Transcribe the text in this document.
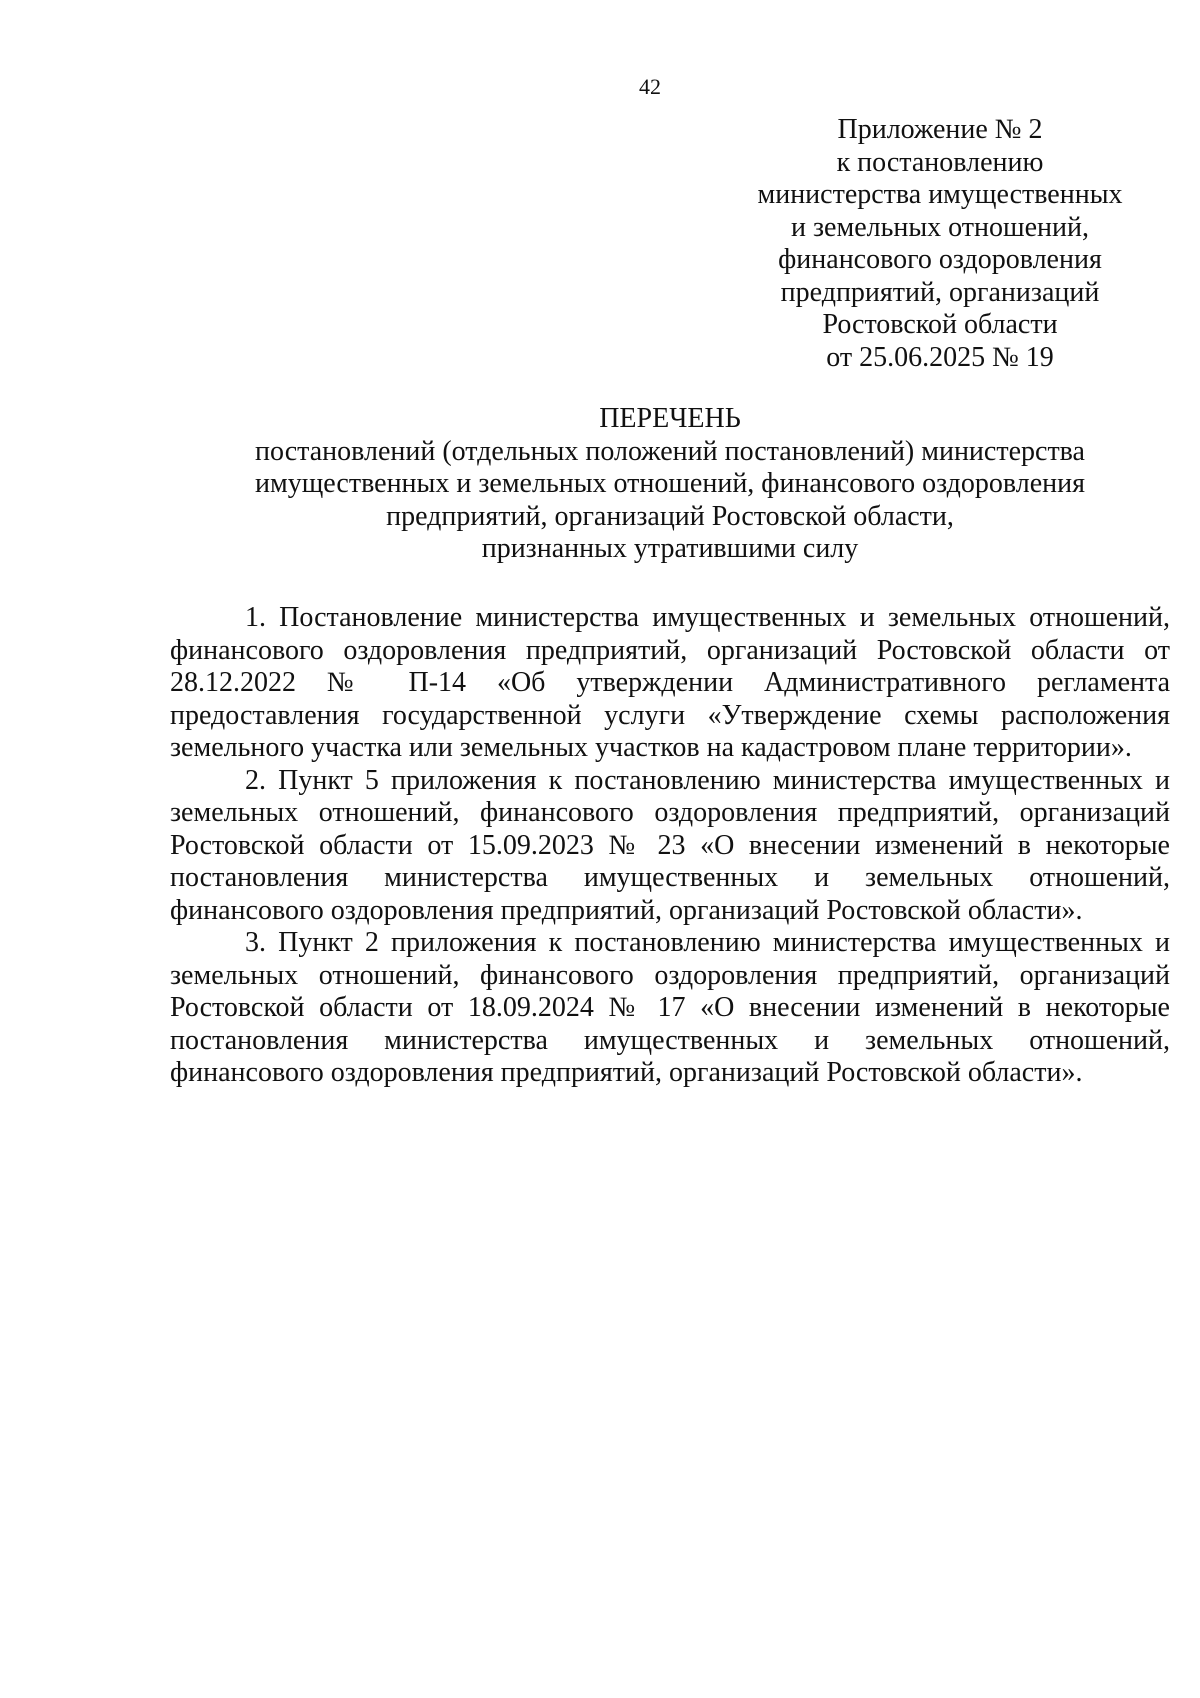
42
Приложение № 2
к постановлению
министерства имущественных
и земельных отношений,
финансового оздоровления
предприятий, организаций
Ростовской области
от 25.06.2025 № 19
ПЕРЕЧЕНЬ
постановлений (отдельных положений постановлений) министерства
имущественных и земельных отношений, финансового оздоровления
предприятий, организаций Ростовской области,
признанных утратившими силу

1. Постановление министерства имущественных и земельных отношений, финансового оздоровления предприятий, организаций Ростовской области от 28.12.2022 № П-14 «Об утверждении Административного регламента предоставления государственной услуги «Утверждение схемы расположения земельного участка или земельных участков на кадастровом плане территории».

2. Пункт 5 приложения к постановлению министерства имущественных и земельных отношений, финансового оздоровления предприятий, организаций Ростовской области от 15.09.2023 № 23 «О внесении изменений в некоторые постановления министерства имущественных и земельных отношений, финансового оздоровления предприятий, организаций Ростовской области».

3. Пункт 2 приложения к постановлению министерства имущественных и земельных отношений, финансового оздоровления предприятий, организаций Ростовской области от 18.09.2024 № 17 «О внесении изменений в некоторые постановления министерства имущественных и земельных отношений, финансового оздоровления предприятий, организаций Ростовской области».
